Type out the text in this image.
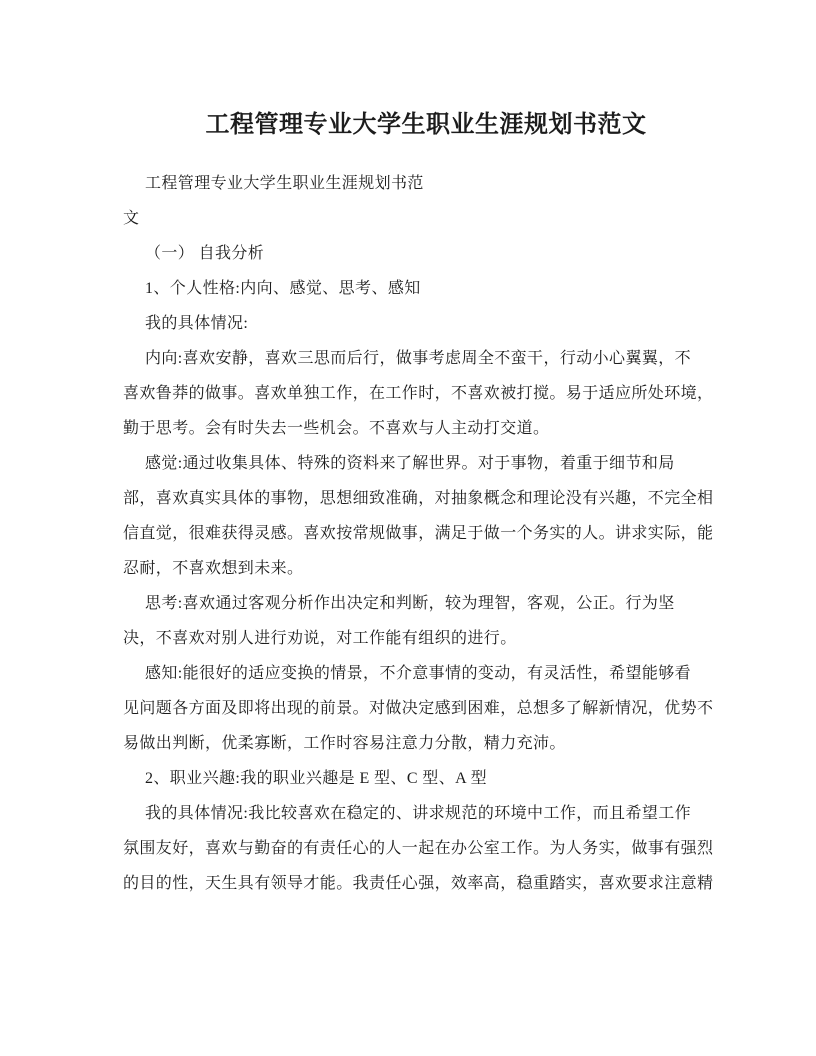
工程管理专业大学生职业生涯规划书范文
工程管理专业大学生职业生涯规划书范
文
（一） 自我分析
1、个人性格:内向、感觉、思考、感知
我的具体情况:
内向:喜欢安静，喜欢三思而后行，做事考虑周全不蛮干，行动小心翼翼，不
喜欢鲁莽的做事。喜欢单独工作，在工作时，不喜欢被打搅。易于适应所处环境，
勤于思考。会有时失去一些机会。不喜欢与人主动打交道。
感觉:通过收集具体、特殊的资料来了解世界。对于事物，着重于细节和局
部，喜欢真实具体的事物，思想细致准确，对抽象概念和理论没有兴趣，不完全相
信直觉，很难获得灵感。喜欢按常规做事，满足于做一个务实的人。讲求实际，能
忍耐，不喜欢想到未来。
思考:喜欢通过客观分析作出决定和判断，较为理智，客观，公正。行为坚
决，不喜欢对别人进行劝说，对工作能有组织的进行。
感知:能很好的适应变换的情景，不介意事情的变动，有灵活性，希望能够看
见问题各方面及即将出现的前景。对做决定感到困难，总想多了解新情况，优势不
易做出判断，优柔寡断，工作时容易注意力分散，精力充沛。
2、职业兴趣:我的职业兴趣是 E 型、C 型、A 型
我的具体情况:我比较喜欢在稳定的、讲求规范的环境中工作，而且希望工作
氛围友好，喜欢与勤奋的有责任心的人一起在办公室工作。为人务实，做事有强烈
的目的性，天生具有领导才能。我责任心强，效率高，稳重踏实，喜欢要求注意精
